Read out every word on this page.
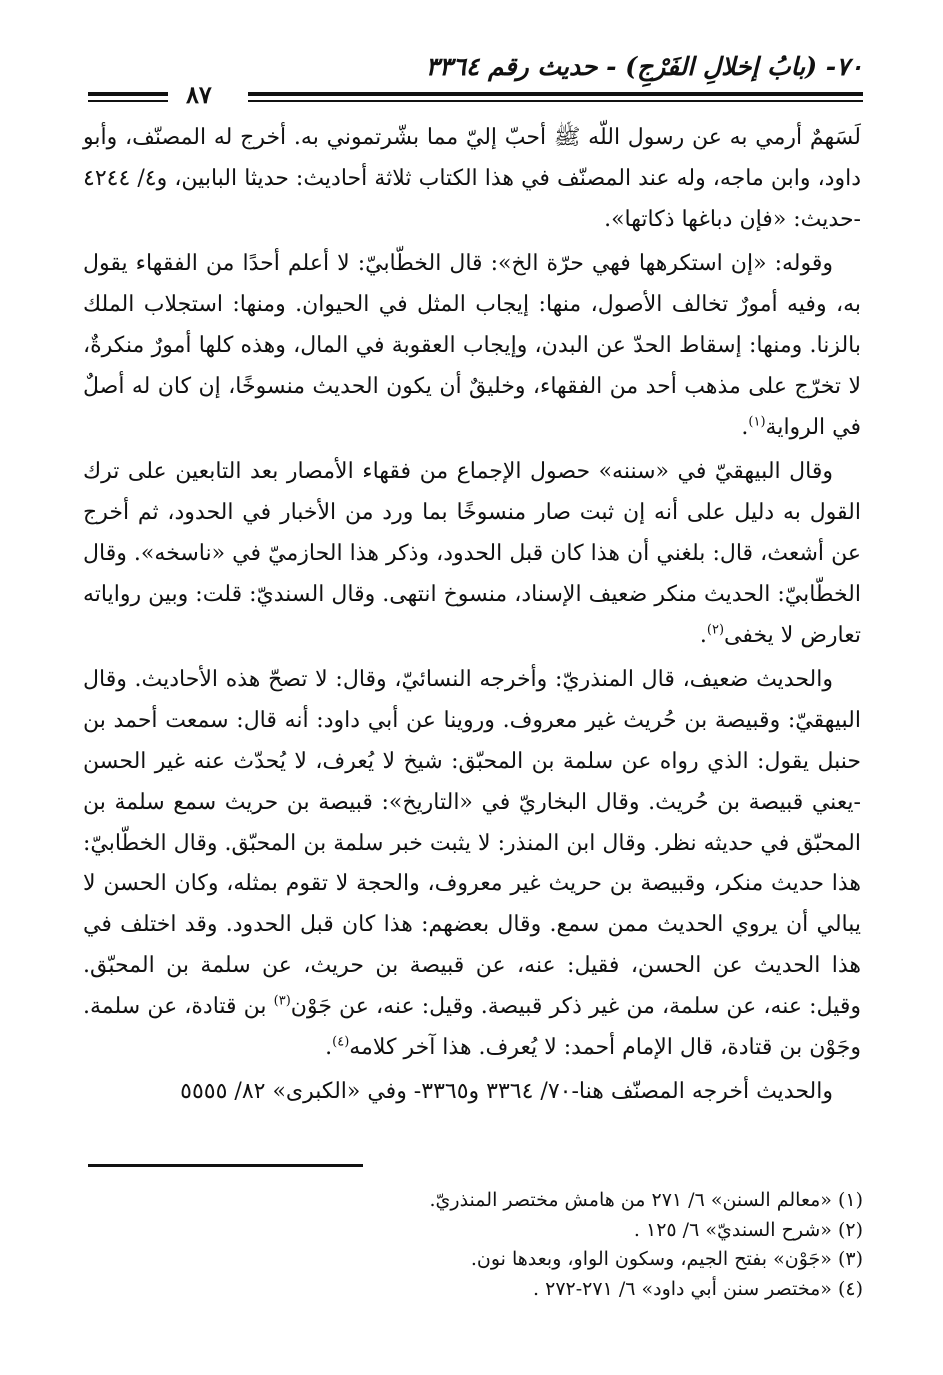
٧٠- (بابُ إخلالِ الفَرْجِ) - حديث رقم ٣٣٦٤
٨٧

لَسَهمٌ أرمي به عن رسول اللّه ﷺ أحبّ إليّ مما بشّرتموني به. أخرج له المصنّف، وأبو داود، وابن ماجه، وله عند المصنّف في هذا الكتاب ثلاثة أحاديث: حديثا البابين، و٤/ ٤٢٤٤ -حديث: «فإن دباغها ذكاتها».

وقوله: «إن استكرهها فهي حرّة الخ»: قال الخطّابيّ: لا أعلم أحدًا من الفقهاء يقول به، وفيه أمورٌ تخالف الأصول، منها: إيجاب المثل في الحيوان. ومنها: استجلاب الملك بالزنا. ومنها: إسقاط الحدّ عن البدن، وإيجاب العقوبة في المال، وهذه كلها أمورٌ منكرةٌ، لا تخرّج على مذهب أحد من الفقهاء، وخليقٌ أن يكون الحديث منسوخًا، إن كان له أصلٌ في الرواية$^{(١)}$.

وقال البيهقيّ في «سننه» حصول الإجماع من فقهاء الأمصار بعد التابعين على ترك القول به دليل على أنه إن ثبت صار منسوخًا بما ورد من الأخبار في الحدود، ثم أخرج عن أشعث، قال: بلغني أن هذا كان قبل الحدود، وذكر هذا الحازميّ في «ناسخه». وقال الخطّابيّ: الحديث منكر ضعيف الإسناد، منسوخ انتهى. وقال السنديّ: قلت: وبين رواياته تعارض لا يخفى$^{(٢)}$.

والحديث ضعيف، قال المنذريّ: وأخرجه النسائيّ، وقال: لا تصحّ هذه الأحاديث. وقال البيهقيّ: وقبيصة بن حُريث غير معروف. وروينا عن أبي داود: أنه قال: سمعت أحمد بن حنبل يقول: الذي رواه عن سلمة بن المحبّق: شيخ لا يُعرف، لا يُحدّث عنه غير الحسن -يعني قبيصة بن حُريث. وقال البخاريّ في «التاريخ»: قبيصة بن حريث سمع سلمة بن المحبّق في حديثه نظر. وقال ابن المنذر: لا يثبت خبر سلمة بن المحبّق. وقال الخطّابيّ: هذا حديث منكر، وقبيصة بن حريث غير معروف، والحجة لا تقوم بمثله، وكان الحسن لا يبالي أن يروي الحديث ممن سمع. وقال بعضهم: هذا كان قبل الحدود. وقد اختلف في هذا الحديث عن الحسن، فقيل: عنه، عن قبيصة بن حريث، عن سلمة بن المحبّق. وقيل: عنه، عن سلمة، من غير ذكر قبيصة. وقيل: عنه، عن جَوْن$^{(٣)}$ بن قتادة، عن سلمة. وجَوْن بن قتادة، قال الإمام أحمد: لا يُعرف. هذا آخر كلامه$^{(٤)}$.

والحديث أخرجه المصنّف هنا-٧٠/ ٣٣٦٤ و٣٣٦٥- وفي «الكبرى» ٨٢/ ٥٥٥٥

(١) «معالم السنن» ٦/ ٢٧١ من هامش مختصر المنذريّ.

(٢) «شرح السنديّ» ٦/ ١٢٥ .

(٣) «جَوْن» بفتح الجيم، وسكون الواو، وبعدها نون.

(٤) «مختصر سنن أبي داود» ٦/ ٢٧١-٢٧٢ .
